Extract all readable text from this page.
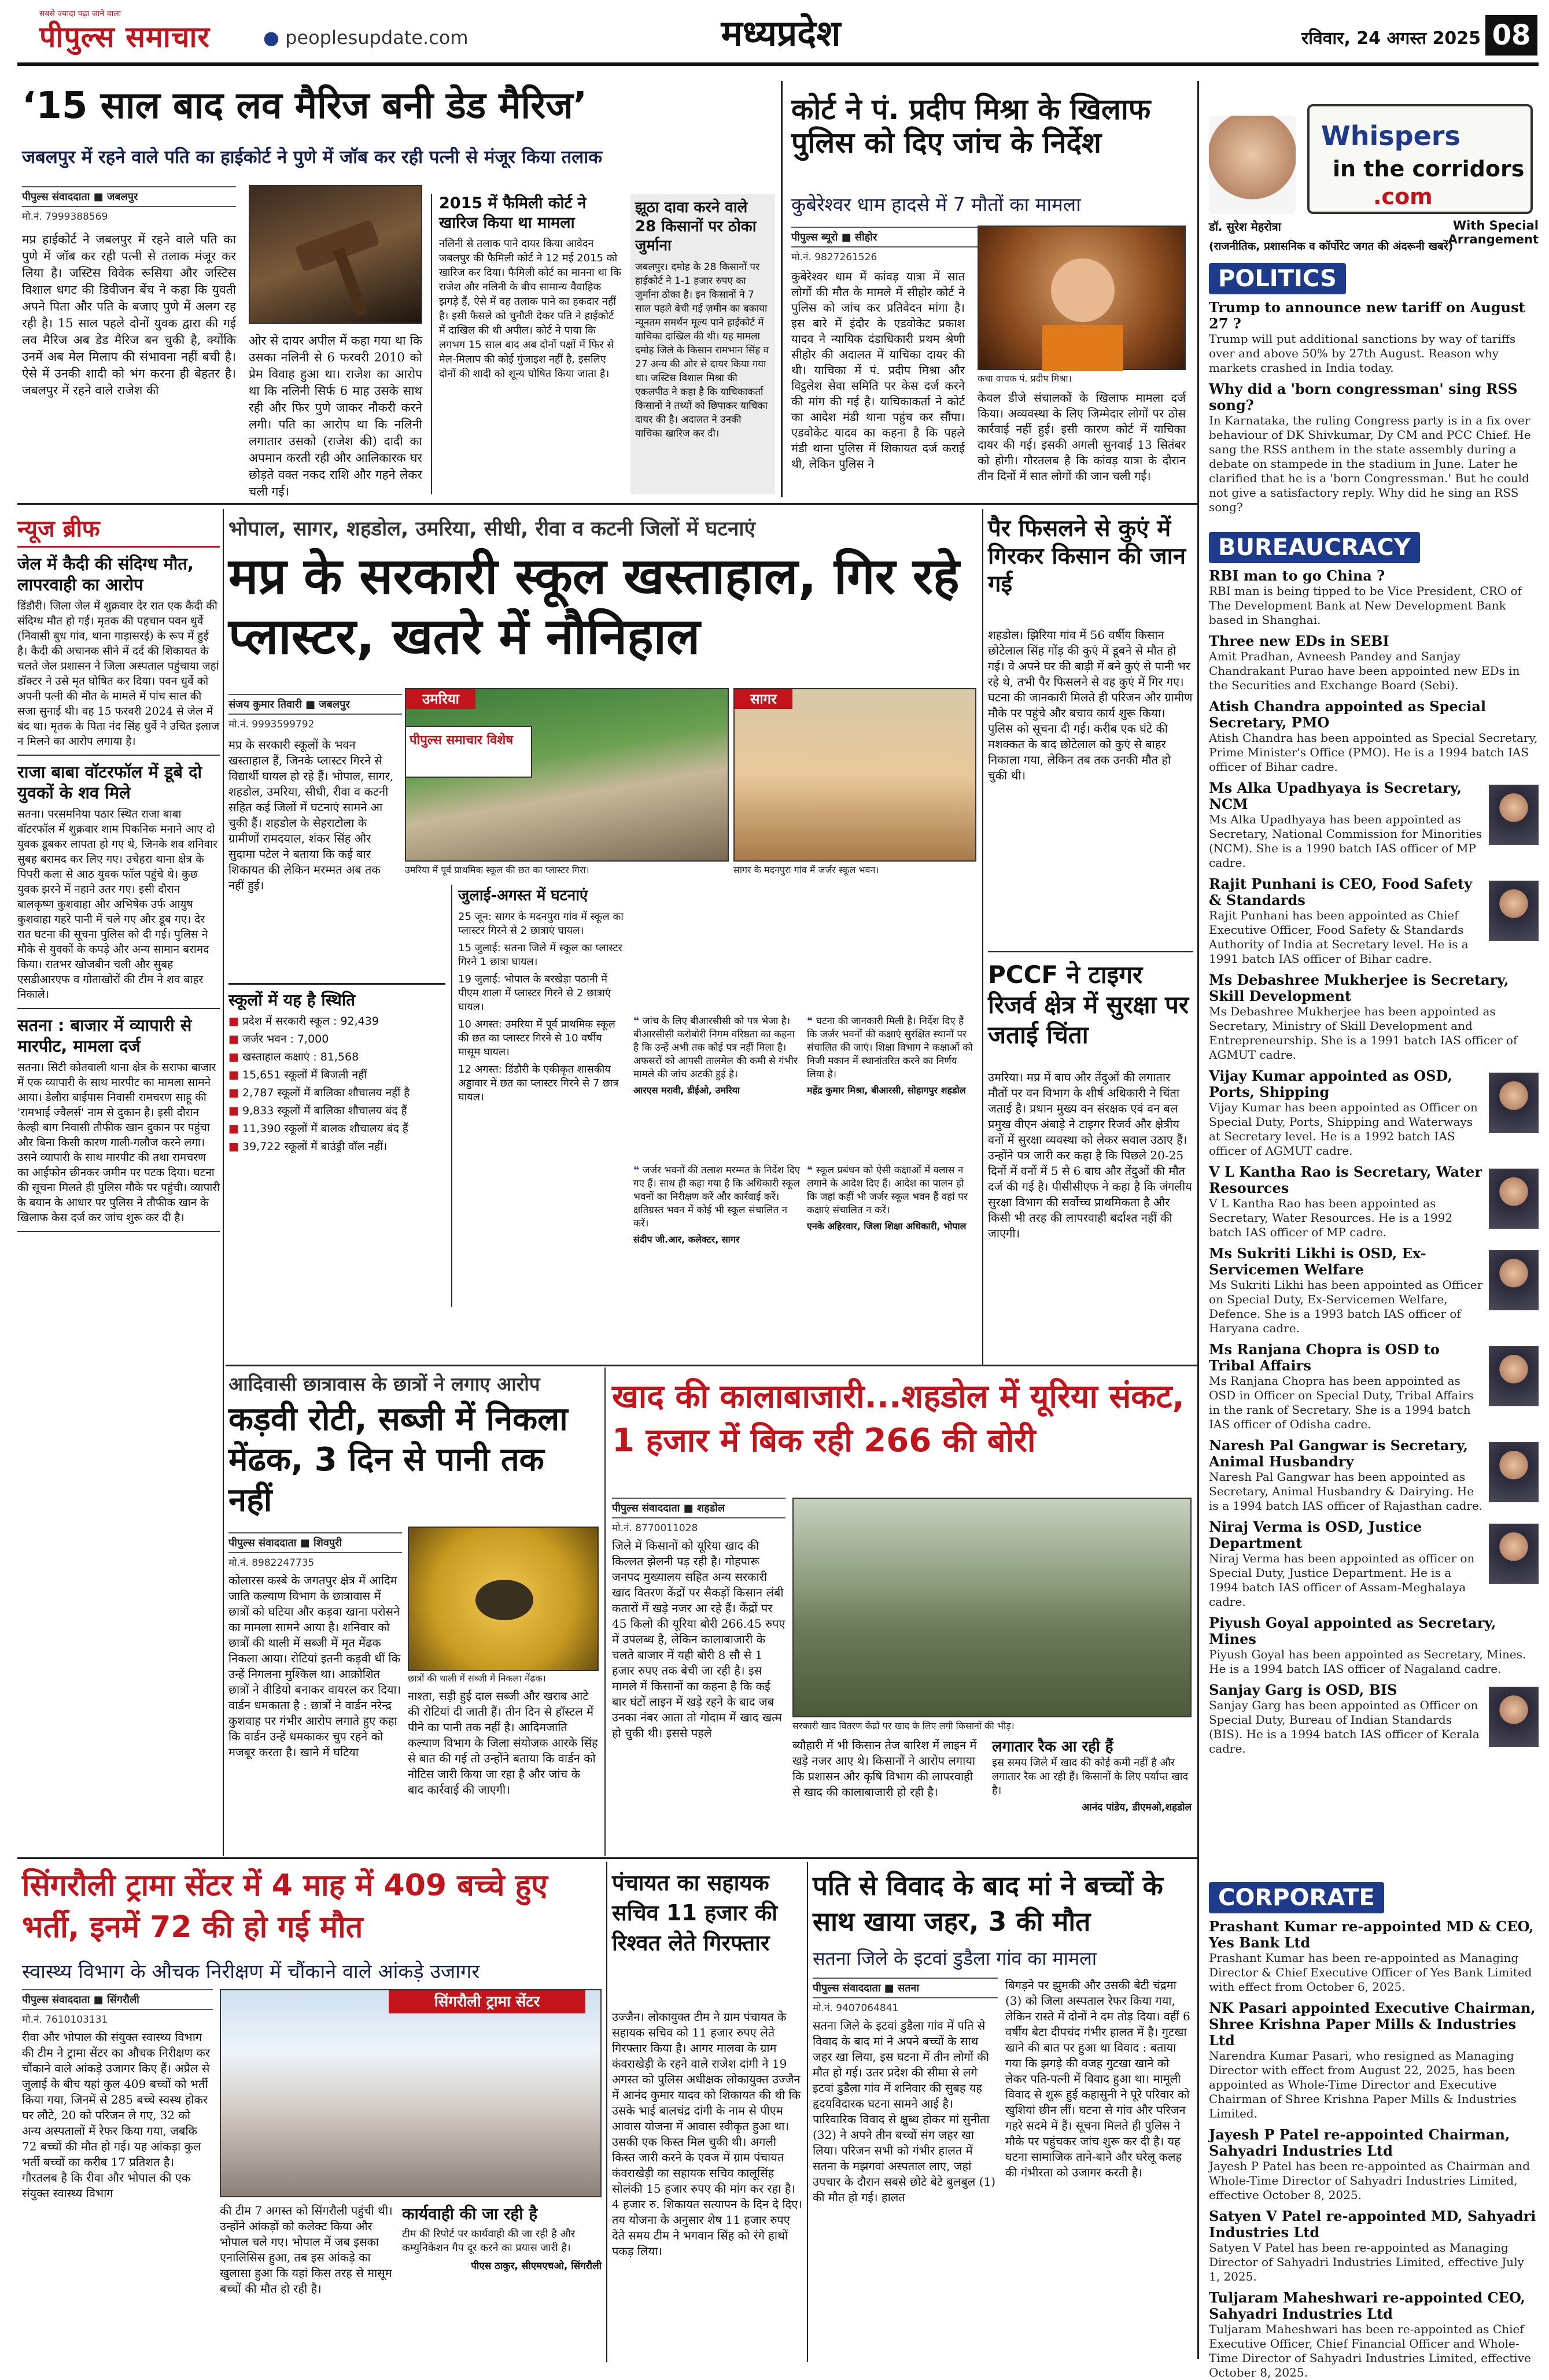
सबसे ज्यादा पढ़ा जाने वाला
पीपुल्स समाचार	● peoplesupdate.com	मध्यप्रदेश	रविवार, 24 अगस्त 2025 08
‘15 साल बाद लव मैरिज बनी डेड मैरिज’
जबलपुर में रहने वाले पति का हाईकोर्ट ने पुणे में जॉब कर रही पत्नी से मंजूर किया तलाक
पीपुल्स संवाददाता ■ जबलपुर
मो.नं. 7999388569
मप्र हाईकोर्ट ने जबलपुर में रहने वाले पति का पुणे में जॉब कर रही पत्नी से तलाक मंजूर कर लिया है। जस्टिस विवेक रूसिया और जस्टिस विशाल धगट की डिवीजन बेंच ने कहा कि युवती अपने पिता और पति के बजाए पुणे में अलग रह रही है। 15 साल पहले दोनों युवक द्वारा की गई लव मैरिज अब डेड मैरिज बन चुकी है, क्योंकि उनमें अब मेल मिलाप की संभावना नहीं बची है। ऐसे में उनकी शादी को भंग करना ही बेहतर है। जबलपुर में रहने वाले राजेश की
ओर से दायर अपील में कहा गया था कि उसका नलिनी से 6 फरवरी 2010 को प्रेम विवाह हुआ था। राजेश का आरोप था कि नलिनी सिर्फ 6 माह उसके साथ रही और फिर पुणे जाकर नौकरी करने लगी। पति का आरोप था कि नलिनी लगातार उसको (राजेश की) दादी का अपमान करती रही और आलिकारक घर छोड़ते वक्त नकद राशि और गहने लेकर चली गई।
2015 में फैमिली कोर्ट ने खारिज किया था मामला
नलिनी से तलाक पाने दायर किया आवेदन जबलपुर की फैमिली कोर्ट ने 12 मई 2015 को खारिज कर दिया। फैमिली कोर्ट का मानना था कि राजेश और नलिनी के बीच सामान्य वैवाहिक झगड़े हैं, ऐसे में वह तलाक पाने का हकदार नहीं है। इसी फैसले को चुनौती देकर पति ने हाईकोर्ट में दाखिल की थी अपील। कोर्ट ने पाया कि लगभग 15 साल बाद अब दोनों पक्षों में फिर से मेल-मिलाप की कोई गुंजाइश नहीं है, इसलिए दोनों की शादी को शून्य घोषित किया जाता है।
झूठा दावा करने वाले 28 किसानों पर ठोका जुर्माना
जबलपुर। दमोह के 28 किसानों पर हाईकोर्ट ने 1-1 हजार रुपए का जुर्माना ठोका है। इन किसानों ने 7 साल पहले बेची गई ज़मीन का बकाया न्यूनतम समर्थन मूल्य पाने हाईकोर्ट में याचिका दाखिल की थी। यह मामला दमोह जिले के किसान रामभान सिंह व 27 अन्य की ओर से दायर किया गया था। जस्टिस विशाल मिश्रा की एकलपीठ ने कहा है कि याचिकाकर्ता किसानों ने तथ्यों को छिपाकर याचिका दायर की है। अदालत ने उनकी याचिका खारिज कर दी।
कोर्ट ने पं. प्रदीप मिश्रा के खिलाफ पुलिस को दिए जांच के निर्देश
कुबेरेश्वर धाम हादसे में 7 मौतों का मामला
पीपुल्स ब्यूरो ■ सीहोर
मो.नं. 9827261526
कुबेरेश्वर धाम में कांवड़ यात्रा में सात लोगों की मौत के मामले में सीहोर कोर्ट ने पुलिस को जांच कर प्रतिवेदन मांगा है। इस बारे में इंदौर के एडवोकेट प्रकाश यादव ने न्यायिक दंडाधिकारी प्रथम श्रेणी सीहोर की अदालत में याचिका दायर की थी। याचिका में पं. प्रदीप मिश्रा और विट्ठलेश सेवा समिति पर केस दर्ज करने की मांग की गई है। याचिकाकर्ता ने कोर्ट का आदेश मंडी थाना पहुंच कर सौंपा। एडवोकेट यादव का कहना है कि पहले मंडी थाना पुलिस में शिकायत दर्ज कराई थी, लेकिन पुलिस ने
कथा वाचक पं. प्रदीप मिश्रा।
केवल डीजे संचालकों के खिलाफ मामला दर्ज किया। अव्यवस्था के लिए जिम्मेदार लोगों पर ठोस कार्रवाई नहीं हुई। इसी कारण कोर्ट में याचिका दायर की गई। इसकी अगली सुनवाई 13 सितंबर को होगी। गौरतलब है कि कांवड़ यात्रा के दौरान तीन दिनों में सात लोगों की जान चली गई।
Whispers
in the corridors
.com
डॉ. सुरेश मेहरोत्रा	With Special Arrangement
(राजनीतिक, प्रशासनिक व कॉर्पोरेट जगत की अंदरूनी खबरें)
POLITICS
Trump to announce new tariff on August 27 ?
Trump will put additional sanctions by way of tariffs over and above 50% by 27th August. Reason why markets crashed in India today.
Why did a 'born congressman' sing RSS song?
In Karnataka, the ruling Congress party is in a fix over behaviour of DK Shivkumar, Dy CM and PCC Chief. He sang the RSS anthem in the state assembly during a debate on stampede in the stadium in June. Later he clarified that he is a 'born Congressman.' But he could not give a satisfactory reply. Why did he sing an RSS song?
BUREAUCRACY
RBI man to go China ?
RBI man is being tipped to be Vice President, CRO of The Development Bank at New Development Bank based in Shanghai.
Three new EDs in SEBI
Amit Pradhan, Avneesh Pandey and Sanjay Chandrakant Purao have been appointed new EDs in the Securities and Exchange Board (Sebi).
Atish Chandra appointed as Special Secretary, PMO
Atish Chandra has been appointed as Special Secretary, Prime Minister's Office (PMO). He is a 1994 batch IAS officer of Bihar cadre.
Ms Alka Upadhyaya is Secretary, NCM
Ms Alka Upadhyaya has been appointed as Secretary, National Commission for Minorities (NCM). She is a 1990 batch IAS officer of MP cadre.
Rajit Punhani is CEO, Food Safety & Standards
Rajit Punhani has been appointed as Chief Executive Officer, Food Safety & Standards Authority of India at Secretary level. He is a 1991 batch IAS officer of Bihar cadre.
Ms Debashree Mukherjee is Secretary, Skill Development
Ms Debashree Mukherjee has been appointed as Secretary, Ministry of Skill Development and Entrepreneurship. She is a 1991 batch IAS officer of AGMUT cadre.
Vijay Kumar appointed as OSD, Ports, Shipping
Vijay Kumar has been appointed as Officer on Special Duty, Ports, Shipping and Waterways at Secretary level. He is a 1992 batch IAS officer of AGMUT cadre.
V L Kantha Rao is Secretary, Water Resources
V L Kantha Rao has been appointed as Secretary, Water Resources. He is a 1992 batch IAS officer of MP cadre.
Ms Sukriti Likhi is OSD, Ex-Servicemen Welfare
Ms Sukriti Likhi has been appointed as Officer on Special Duty, Ex-Servicemen Welfare, Defence. She is a 1993 batch IAS officer of Haryana cadre.
Ms Ranjana Chopra is OSD to Tribal Affairs
Ms Ranjana Chopra has been appointed as OSD in Officer on Special Duty, Tribal Affairs in the rank of Secretary. She is a 1994 batch IAS officer of Odisha cadre.
Naresh Pal Gangwar is Secretary, Animal Husbandry
Naresh Pal Gangwar has been appointed as Secretary, Animal Husbandry & Dairying. He is a 1994 batch IAS officer of Rajasthan cadre.
Niraj Verma is OSD, Justice Department
Niraj Verma has been appointed as officer on Special Duty, Justice Department. He is a 1994 batch IAS officer of Assam-Meghalaya cadre.
Piyush Goyal appointed as Secretary, Mines
Piyush Goyal has been appointed as Secretary, Mines. He is a 1994 batch IAS officer of Nagaland cadre.
Sanjay Garg is OSD, BIS
Sanjay Garg has been appointed as Officer on Special Duty, Bureau of Indian Standards (BIS). He is a 1994 batch IAS officer of Kerala cadre.
CORPORATE
Prashant Kumar re-appointed MD & CEO, Yes Bank Ltd
Prashant Kumar has been re-appointed as Managing Director & Chief Executive Officer of Yes Bank Limited with effect from October 6, 2025.
NK Pasari appointed Executive Chairman, Shree Krishna Paper Mills & Industries Ltd
Narendra Kumar Pasari, who resigned as Managing Director with effect from August 22, 2025, has been appointed as Whole-Time Director and Executive Chairman of Shree Krishna Paper Mills & Industries Limited.
Jayesh P Patel re-appointed Chairman, Sahyadri Industries Ltd
Jayesh P Patel has been re-appointed as Chairman and Whole-Time Director of Sahyadri Industries Limited, effective October 8, 2025.
Satyen V Patel re-appointed MD, Sahyadri Industries Ltd
Satyen V Patel has been re-appointed as Managing Director of Sahyadri Industries Limited, effective July 1, 2025.
Tuljaram Maheshwari re-appointed CEO, Sahyadri Industries Ltd
Tuljaram Maheshwari has been re-appointed as Chief Executive Officer, Chief Financial Officer and Whole-Time Director of Sahyadri Industries Limited, effective October 8, 2025.
न्यूज ब्रीफ
जेल में कैदी की संदिग्ध मौत, लापरवाही का आरोप
डिंडौरी। जिला जेल में शुक्रवार देर रात एक कैदी की संदिग्ध मौत हो गई। मृतक की पहचान पवन धुर्वे (निवासी बुध गांव, थाना गाड़ासरई) के रूप में हुई है। कैदी की अचानक सीने में दर्द की शिकायत के चलते जेल प्रशासन ने जिला अस्पताल पहुंचाया जहां डॉक्टर ने उसे मृत घोषित कर दिया। पवन धुर्वे को अपनी पत्नी की मौत के मामले में पांच साल की सजा सुनाई थी। वह 15 फरवरी 2024 से जेल में बंद था। मृतक के पिता नंद सिंह धुर्वे ने उचित इलाज न मिलने का आरोप लगाया है।
राजा बाबा वॉटरफॉल में डूबे दो युवकों के शव मिले
सतना। परसमनिया पठार स्थित राजा बाबा वॉटरफॉल में शुक्रवार शाम पिकनिक मनाने आए दो युवक डूबकर लापता हो गए थे, जिनके शव शनिवार सुबह बरामद कर लिए गए। उचेहरा थाना क्षेत्र के पिपरी कला से आठ युवक फॉल पहुंचे थे। कुछ युवक झरने में नहाने उतर गए। इसी दौरान बालकृष्ण कुशवाहा और अभिषेक उर्फ आयुष कुशवाहा गहरे पानी में चले गए और डूब गए। देर रात घटना की सूचना पुलिस को दी गई। पुलिस ने मौके से युवकों के कपड़े और अन्य सामान बरामद किया। रातभर खोजबीन चली और सुबह एसडीआरएफ व गोताखोरों की टीम ने शव बाहर निकाले।
सतना : बाजार में व्यापारी से मारपीट, मामला दर्ज
सतना। सिटी कोतवाली थाना क्षेत्र के सराफा बाजार में एक व्यापारी के साथ मारपीट का मामला सामने आया। डेलौरा बाईपास निवासी रामचरण साहू की 'रामभाई ज्वैलर्स' नाम से दुकान है। इसी दौरान केल्ही बाग निवासी तौफीक खान दुकान पर पहुंचा और बिना किसी कारण गाली-गलौज करने लगा। उसने व्यापारी के साथ मारपीट की तथा रामचरण का आईफोन छीनकर जमीन पर पटक दिया। घटना की सूचना मिलते ही पुलिस मौके पर पहुंची। व्यापारी के बयान के आधार पर पुलिस ने तौफीक खान के खिलाफ केस दर्ज कर जांच शुरू कर दी है।
भोपाल, सागर, शहडोल, उमरिया, सीधी, रीवा व कटनी जिलों में घटनाएं
मप्र के सरकारी स्कूल खस्ताहाल, गिर रहे प्लास्टर, खतरे में नौनिहाल
संजय कुमार तिवारी ■ जबलपुर
मो.नं. 9993599792
मप्र के सरकारी स्कूलों के भवन खस्ताहाल हैं, जिनके प्लास्टर गिरने से विद्यार्थी घायल हो रहे हैं। भोपाल, सागर, शहडोल, उमरिया, सीधी, रीवा व कटनी सहित कई जिलों में घटनाएं सामने आ चुकी हैं। शहडोल के सेहराटोला के ग्रामीणों रामदयाल, शंकर सिंह और सुदामा पटेल ने बताया कि कई बार शिकायत की लेकिन मरम्मत अब तक नहीं हुई।
उमरिया	सागर
पीपुल्स समाचार विशेष
उमरिया में पूर्व प्राथमिक स्कूल की छत का प्लास्टर गिरा।	सागर के मदनपुरा गांव में जर्जर स्कूल भवन।
स्कूलों में यह है स्थिति
■ प्रदेश में सरकारी स्कूल : 92,439
■ जर्जर भवन : 7,000
■ खस्ताहाल कक्षाएं : 81,568
■ 15,651 स्कूलों में बिजली नहीं
■ 2,787 स्कूलों में बालिका शौचालय नहीं है
■ 9,833 स्कूलों में बालिका शौचालय बंद हैं
■ 11,390 स्कूलों में बालक शौचालय बंद हैं
■ 39,722 स्कूलों में बाउंड्री वॉल नहीं।
जुलाई-अगस्त में घटनाएं
25 जून: सागर के मदनपुरा गांव में स्कूल का प्लास्टर गिरने से 2 छात्राएं घायल।
15 जुलाई: सतना जिले में स्कूल का प्लास्टर गिरने 1 छात्रा घायल।
19 जुलाई: भोपाल के बरखेड़ा पठानी में पीएम शाला में प्लास्टर गिरने से 2 छात्राएं घायल।
10 अगस्त: उमरिया में पूर्व प्राथमिक स्कूल की छत का प्लास्टर गिरने से 10 वर्षीय मासूम घायल।
12 अगस्त: डिंडौरी के एकीकृत शासकीय अड्डावार में छत का प्लास्टर गिरने से 7 छात्र घायल।
❝ जांच के लिए बीआरसीसी को पत्र भेजा है। बीआरसीसी करोबोरी निगम वरिष्ठता का कहना है कि उन्हें अभी तक कोई पत्र नहीं मिला है। अफसरों को आपसी तालमेल की कमी से गंभीर मामले की जांच अटकी हुई है।
आरएस मरावी, डीईओ, उमरिया
❝ घटना की जानकारी मिली है। निर्देश दिए हैं कि जर्जर भवनों की कक्षाएं सुरक्षित स्थानों पर संचालित की जाएं। शिक्षा विभाग ने कक्षाओं को निजी मकान में स्थानांतरित करने का निर्णय लिया है।
महेंद्र कुमार मिश्रा, बीआरसी, सोहागपुर शहडोल
❝ जर्जर भवनों की तलाश मरम्मत के निर्देश दिए गए हैं। साथ ही कहा गया है कि अधिकारी स्कूल भवनों का निरीक्षण करें और कार्रवाई करें। क्षतिग्रस्त भवन में कोई भी स्कूल संचालित न करें।
संदीप जी.आर, कलेक्टर, सागर
❝ स्कूल प्रबंधन को ऐसी कक्षाओं में क्लास न लगाने के आदेश दिए हैं। आदेश का पालन हो कि जहां कहीं भी जर्जर स्कूल भवन हैं वहां पर कक्षाएं संचालित न करें।
एनके अहिरवार, जिला शिक्षा अधिकारी, भोपाल
पैर फिसलने से कुएं में गिरकर किसान की जान गई
शहडोल। झिरिया गांव में 56 वर्षीय किसान छोटेलाल सिंह गोंड़ की कुएं में डूबने से मौत हो गई। वे अपने घर की बाड़ी में बने कुएं से पानी भर रहे थे, तभी पैर फिसलने से वह कुएं में गिर गए। घटना की जानकारी मिलते ही परिजन और ग्रामीण मौके पर पहुंचे और बचाव कार्य शुरू किया। पुलिस को सूचना दी गई। करीब एक घंटे की मशक्कत के बाद छोटेलाल को कुएं से बाहर निकाला गया, लेकिन तब तक उनकी मौत हो चुकी थी।
PCCF ने टाइगर रिजर्व क्षेत्र में सुरक्षा पर जताई चिंता
उमरिया। मप्र में बाघ और तेंदुओं की लगातार मौतों पर वन विभाग के शीर्ष अधिकारी ने चिंता जताई है। प्रधान मुख्य वन संरक्षक एवं वन बल प्रमुख वीएन अंबाड़े ने टाइगर रिजर्व और क्षेत्रीय वनों में सुरक्षा व्यवस्था को लेकर सवाल उठाए हैं। उन्होंने पत्र जारी कर कहा है कि पिछले 20-25 दिनों में वनों में 5 से 6 बाघ और तेंदुओं की मौत दर्ज की गई है। पीसीसीएफ ने कहा है कि जंगलीय सुरक्षा विभाग की सर्वोच्च प्राथमिकता है और किसी भी तरह की लापरवाही बर्दाश्त नहीं की जाएगी।
आदिवासी छात्रावास के छात्रों ने लगाए आरोप
कड़वी रोटी, सब्जी में निकला मेंढक, 3 दिन से पानी तक नहीं
पीपुल्स संवाददाता ■ शिवपुरी
मो.नं. 8982247735
छात्रों की थाली में सब्जी में निकला मेंढक।
कोलारस कस्बे के जगतपुर क्षेत्र में आदिम जाति कल्याण विभाग के छात्रावास में छात्रों को घटिया और कड़वा खाना परोसने का मामला सामने आया है। शनिवार को छात्रों की थाली में सब्जी में मृत मेंढक निकला आया। रोटियां इतनी कड़वी थीं कि उन्हें निगलना मुश्किल था। आक्रोशित छात्रों ने वीडियो बनाकर वायरल कर दिया। वार्डन धमकाता है : छात्रों ने वार्डन नरेन्द्र कुशवाह पर गंभीर आरोप लगाते हुए कहा कि वार्डन उन्हें धमकाकर चुप रहने को मजबूर करता है। खाने में घटिया
नाश्ता, सड़ी हुई दाल सब्जी और खराब आटे की रोटियां दी जाती हैं। तीन दिन से हॉस्टल में पीने का पानी तक नहीं है। आदिमजाति कल्याण विभाग के जिला संयोजक आरके सिंह से बात की गई तो उन्होंने बताया कि वार्डन को नोटिस जारी किया जा रहा है और जांच के बाद कार्रवाई की जाएगी।
खाद की कालाबाजारी...शहडोल में यूरिया संकट, 1 हजार में बिक रही 266 की बोरी
पीपुल्स संवाददाता ■ शहडोल
मो.नं. 8770011028
जिले में किसानों को यूरिया खाद की किल्लत झेलनी पड़ रही है। गोहपारू जनपद मुख्यालय सहित अन्य सरकारी खाद वितरण केंद्रों पर सैकड़ों किसान लंबी कतारों में खड़े नजर आ रहे हैं। केंद्रों पर 45 किलो की यूरिया बोरी 266.45 रुपए में उपलब्ध है, लेकिन कालाबाजारी के चलते बाजार में यही बोरी 8 सौ से 1 हजार रुपए तक बेची जा रही है। इस मामले में किसानों का कहना है कि कई बार घंटों लाइन में खड़े रहने के बाद जब उनका नंबर आता तो गोदाम में खाद खत्म हो चुकी थी। इससे पहले
सरकारी खाद वितरण केंद्रों पर खाद के लिए लगी किसानों की भीड़।
ब्यौहारी में भी किसान तेज बारिश में लाइन में खड़े नजर आए थे। किसानों ने आरोप लगाया कि प्रशासन और कृषि विभाग की लापरवाही से खाद की कालाबाजारी हो रही है।
लगातार रैक आ रही हैं
इस समय जिले में खाद की कोई कमी नहीं है और लगातार रैक आ रही हैं। किसानों के लिए पर्याप्त खाद है।
आनंद पांडेय, डीएमओ,शहडोल
सिंगरौली ट्रामा सेंटर में 4 माह में 409 बच्चे हुए भर्ती, इनमें 72 की हो गई मौत
स्वास्थ्य विभाग के औचक निरीक्षण में चौंकाने वाले आंकड़े उजागर
पीपुल्स संवाददाता ■ सिंगरौली
मो.नं. 7610103131
रीवा और भोपाल की संयुक्त स्वास्थ्य विभाग की टीम ने ट्रामा सेंटर का औचक निरीक्षण कर चौंकाने वाले आंकड़े उजागर किए हैं। अप्रैल से जुलाई के बीच यहां कुल 409 बच्चों को भर्ती किया गया, जिनमें से 285 बच्चे स्वस्थ होकर घर लौटे, 20 को परिजन ले गए, 32 को अन्य अस्पतालों में रेफर किया गया, जबकि 72 बच्चों की मौत हो गई। यह आंकड़ा कुल भर्ती बच्चों का करीब 17 प्रतिशत है। गौरतलब है कि रीवा और भोपाल की एक संयुक्त स्वास्थ्य विभाग
सिंगरौली ट्रामा सेंटर
की टीम 7 अगस्त को सिंगरौली पहुंची थी। उन्होंने आंकड़ों को कलेक्ट किया और भोपाल चले गए। भोपाल में जब इसका एनालिसिस हुआ, तब इस आंकड़े का खुलासा हुआ कि यहां किस तरह से मासूम बच्चों की मौत हो रही है।
कार्यवाही की जा रही है
टीम की रिपोर्ट पर कार्यवाही की जा रही है और कम्युनिकेशन गैप दूर करने का प्रयास जारी है।
पीएस ठाकुर, सीएमएचओ, सिंगरौली
पंचायत का सहायक सचिव 11 हजार की रिश्वत लेते गिरफ्तार
उज्जैन। लोकायुक्त टीम ने ग्राम पंचायत के सहायक सचिव को 11 हजार रुपए लेते गिरफ्तार किया है। आगर मालवा के ग्राम कंवराखेड़ी के रहने वाले राजेश दांगी ने 19 अगस्त को पुलिस अधीक्षक लोकायुक्त उज्जैन में आनंद कुमार यादव को शिकायत की थी कि उसके भाई बालचंद्र दांगी के नाम से पीएम आवास योजना में आवास स्वीकृत हुआ था। उसकी एक किस्त मिल चुकी थी। अगली किस्त जारी करने के एवज में ग्राम पंचायत कंवराखेड़ी का सहायक सचिव कालूसिंह सोलंकी 15 हजार रुपए की मांग कर रहा है। 4 हजार रु. शिकायत सत्यापन के दिन दे दिए। तय योजना के अनुसार शेष 11 हजार रुपए देते समय टीम ने भगवान सिंह को रंगे हाथों पकड़ लिया।
पति से विवाद के बाद मां ने बच्चों के साथ खाया जहर, 3 की मौत
सतना जिले के इटवां डुडैला गांव का मामला
पीपुल्स संवाददाता ■ सतना
मो.नं. 9407064841
सतना जिले के इटवां डुडैला गांव में पति से विवाद के बाद मां ने अपने बच्चों के साथ जहर खा लिया, इस घटना में तीन लोगों की मौत हो गई। उतर प्रदेश की सीमा से लगे इटवां डुडैला गांव में शनिवार की सुबह यह हृदयविदारक घटना सामने आई है। पारिवारिक विवाद से क्षुब्ध होकर मां सुनीता (32) ने अपने तीन बच्चों संग जहर खा लिया। परिजन सभी को गंभीर हालत में सतना के मझगवां अस्पताल लाए, जहां उपचार के दौरान सबसे छोटे बेटे बुलबुल (1) की मौत हो गई। हालत
बिगड़ने पर झुमकी और उसकी बेटी चंद्रमा (3) को जिला अस्पताल रेफर किया गया, लेकिन रास्ते में दोनों ने दम तोड़ दिया। वहीं 6 वर्षीय बेटा दीपचंद गंभीर हालत में है। गुटखा खाने की बात पर हुआ था विवाद : बताया गया कि झगड़े की वजह गुटखा खाने को लेकर पति-पत्नी में विवाद हुआ था। मामूली विवाद से शुरू हुई कहासुनी ने पूरे परिवार को खुशियां छीन लीं। घटना से गांव और परिजन गहरे सदमे में हैं। सूचना मिलते ही पुलिस ने मौके पर पहुंचकर जांच शुरू कर दी है। यह घटना सामाजिक ताने-बाने और घरेलू कलह की गंभीरता को उजागर करती है।
